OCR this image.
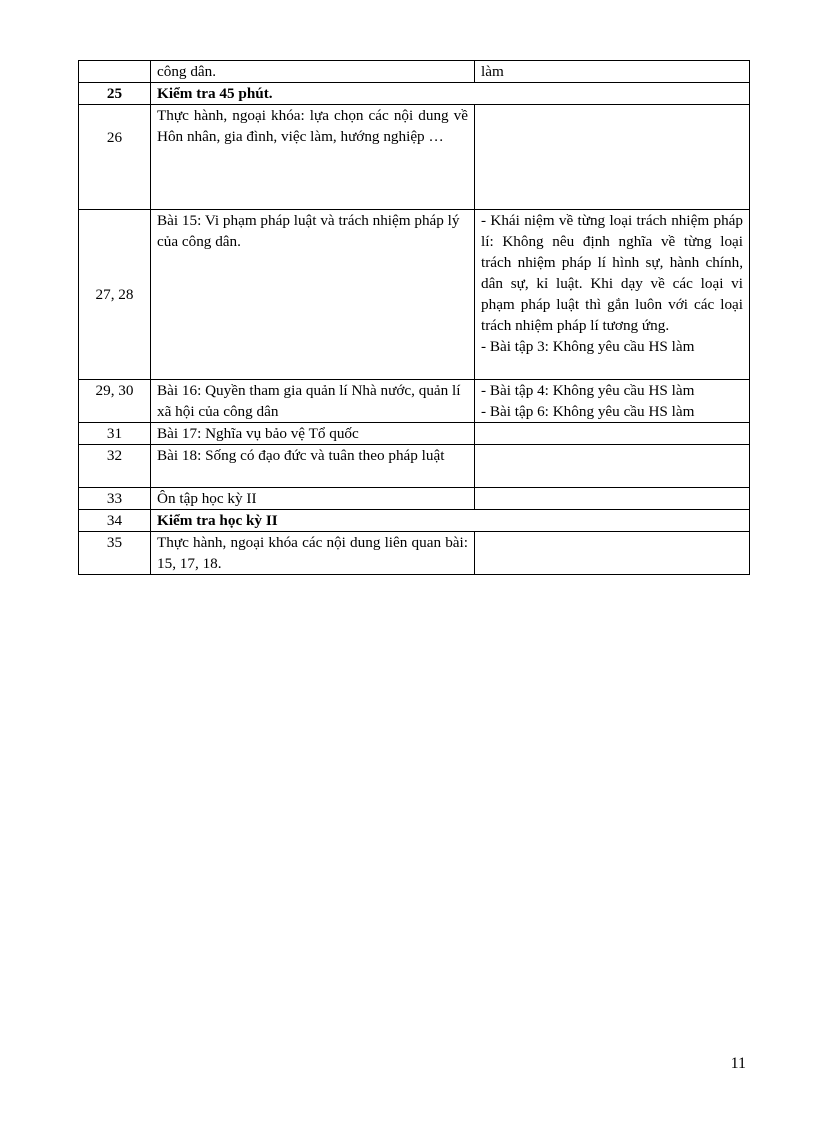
	công dân.	làm
25	Kiểm tra 45 phút.	
26	Thực hành, ngoại khóa: lựa chọn các nội dung về Hôn nhân, gia đình, việc làm, hướng nghiệp …	
27, 28	Bài 15: Vi phạm pháp luật và trách nhiệm pháp lý của công dân.	- Khái niệm về từng loại trách nhiệm pháp lí: Không nêu định nghĩa về từng loại trách nhiệm pháp lí hình sự, hành chính, dân sự, kỉ luật. Khi dạy về các loại vi phạm pháp luật thì gắn luôn với các loại trách nhiệm pháp lí tương ứng.
- Bài tập 3: Không yêu cầu HS làm

29, 30	Bài 16: Quyền tham gia quản lí Nhà nước, quản lí xã hội của công dân	- Bài tập 4: Không yêu cầu HS làm
- Bài tập 6: Không yêu cầu HS làm

31	Bài 17: Nghĩa vụ bảo vệ Tổ quốc	
32	Bài 18: Sống có đạo đức và tuân theo pháp luật	
33	Ôn tập học kỳ II	
34	Kiểm tra học kỳ II	
35	Thực hành, ngoại khóa các nội dung liên quan bài: 15, 17, 18.	
11
